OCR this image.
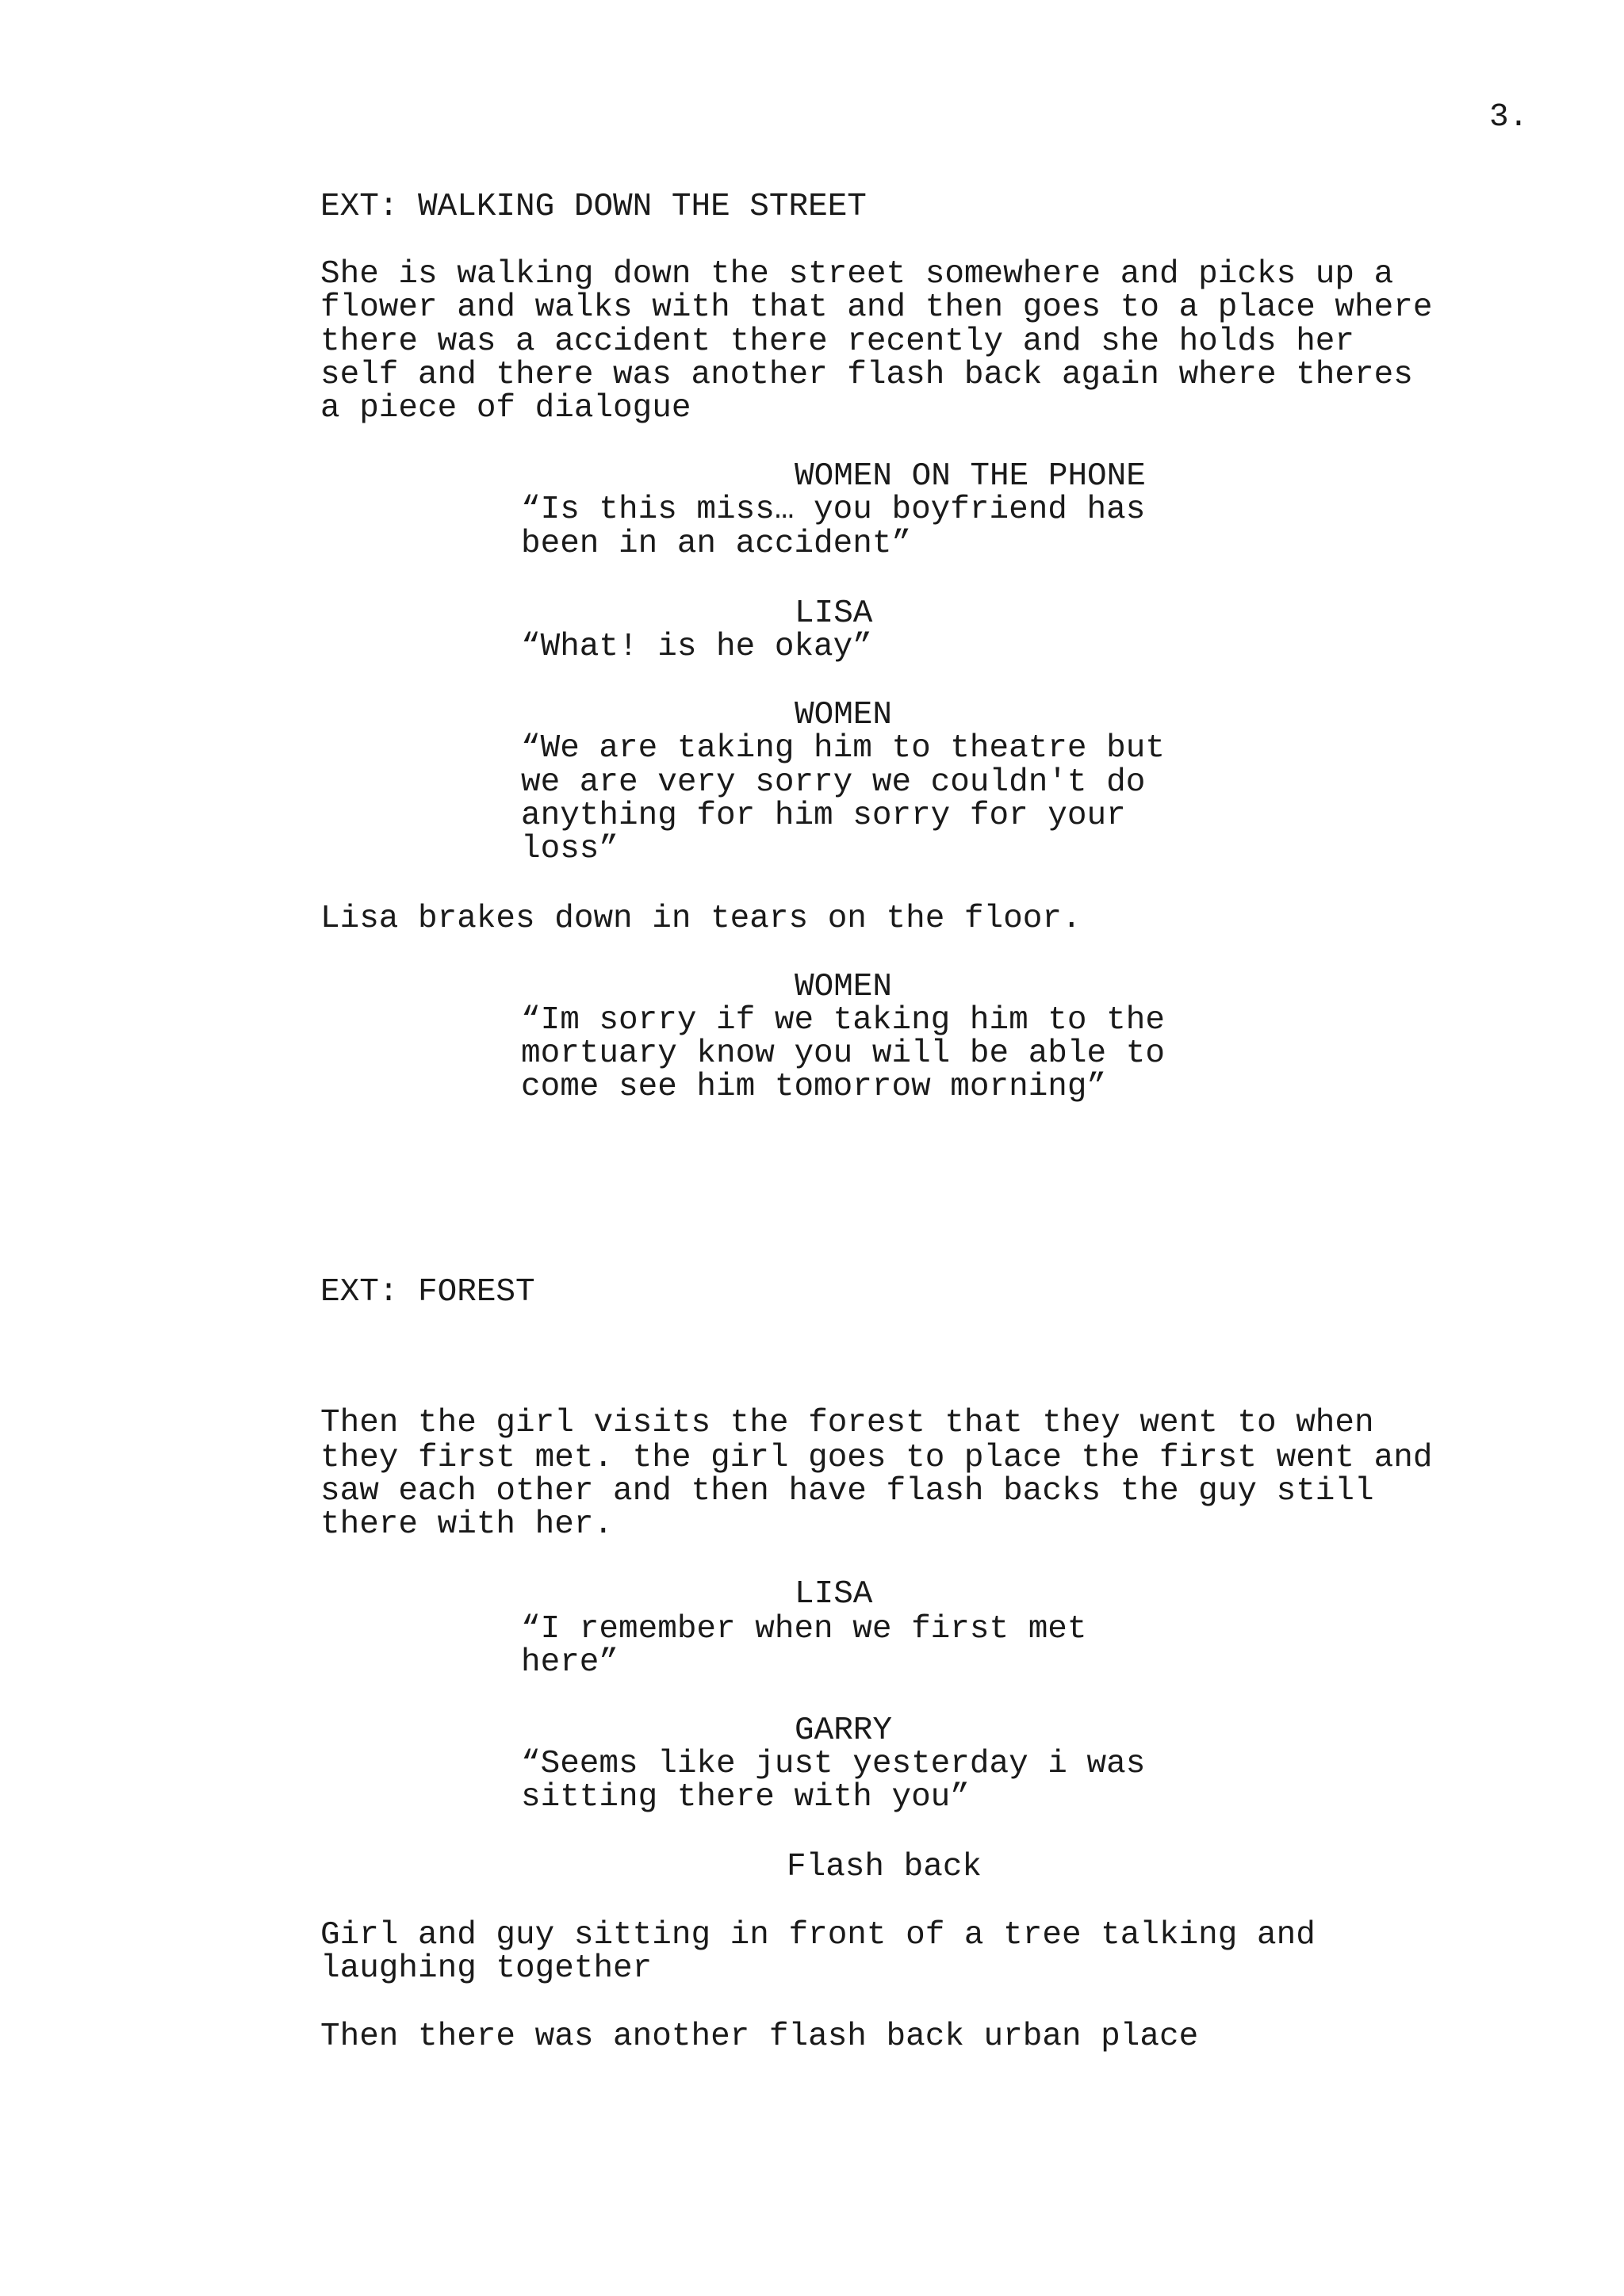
3.
EXT: WALKING DOWN THE STREET
She is walking down the street somewhere and picks up a
flower and walks with that and then goes to a place where
there was a accident there recently and she holds her
self and there was another flash back again where theres
a piece of dialogue
WOMEN ON THE PHONE
“Is this miss… you boyfriend has
been in an accident”
LISA
“What! is he okay”
WOMEN
“We are taking him to theatre but
we are very sorry we couldn't do
anything for him sorry for your
loss”
Lisa brakes down in tears on the floor.
WOMEN
“Im sorry if we taking him to the
mortuary know you will be able to
come see him tomorrow morning”
EXT: FOREST
Then the girl visits the forest that they went to when
they first met. the girl goes to place the first went and
saw each other and then have flash backs the guy still
there with her.
LISA
“I remember when we first met
here”
GARRY
“Seems like just yesterday i was
sitting there with you”
Flash back
Girl and guy sitting in front of a tree talking and
laughing together
Then there was another flash back urban place
